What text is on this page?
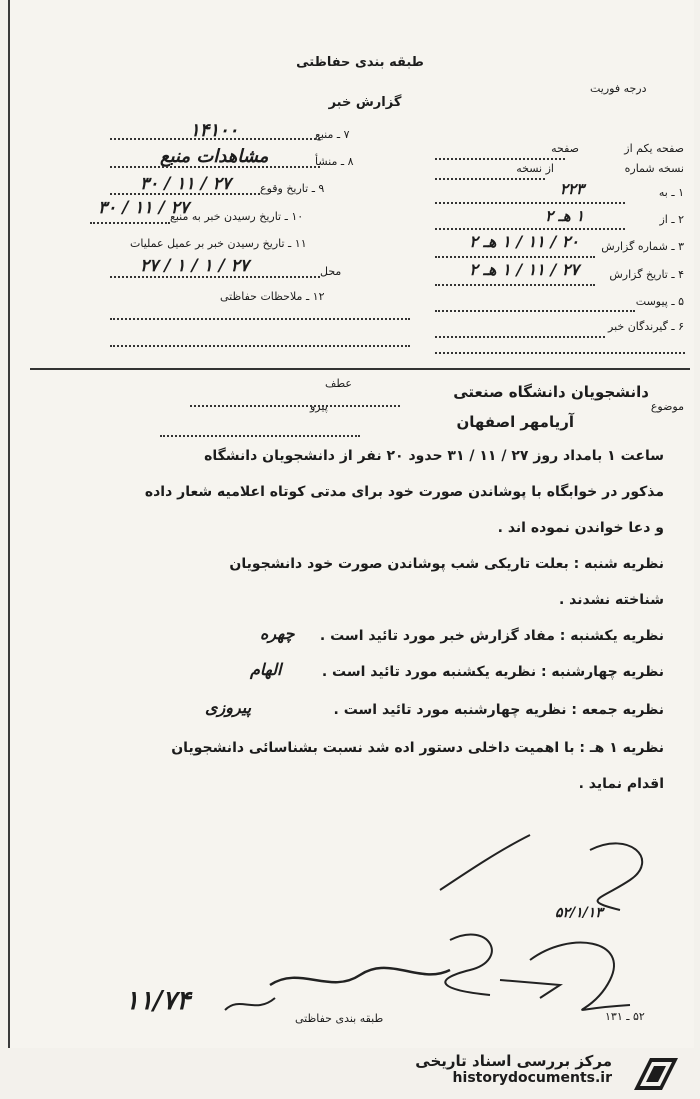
طبقه بندی حفاظتی
گزارش خبر
درجه فوریت
صفحه یکم از
صفحه
نسخه شماره
از نسخه
۱ ـ به
۲۲۳
۲ ـ از
۱ هـ ۲
۳ ـ شماره گزارش
۲۰ / ۱۱ / ۱ هـ ۲
۴ ـ تاریخ گزارش
۲۷ / ۱۱ / ۱ هـ ۲
۵ ـ پیوست
۶ ـ گیرندگان خبر
۷ ـ منبع
۱۴۱۰۰
۸ ـ منشأ
مشاهدات منبع
۹ ـ تاریخ وقوع
۳۰ / ۱۱ / ۲۷
۱۰ ـ تاریخ رسیدن خبر به منبع
۳۰ / ۱۱ / ۲۷
۱۱ ـ تاریخ رسیدن خبر بر عمیل عملیات
محل
۲۷ / ۱ / ۱ / ۲۷
۱۲ ـ ملاحظات حفاظتی
موضوع
دانشجویان دانشگاه صنعتی
آریامهر اصفهان
عطف
پیرو
ساعت ۱ بامداد روز ۲۷ / ۱۱ / ۳۱ حدود ۲۰ نفر از دانشجویان دانشگاه
مذکور در خوابگاه با پوشاندن صورت خود برای مدتی کوتاه اعلامیه شعار داده
و دعا خواندن نموده اند .
نظریه شنبه : بعلت تاریکی شب پوشاندن صورت خود دانشجویان
شناخته نشدند .
نظریه یکشنبه : مفاد گزارش خبر مورد تائید است .
نظریه چهارشنبه : نظریه یکشنبه مورد تائید است .
نظریه جمعه : نظریه چهارشنبه مورد تائید است .
نظریه ۱ هـ : با اهمیت داخلی دستور اده شد نسبت بشناسائی دانشجویان
اقدام نماید .
چهره
الهام
پیروزی
۱۱/۷۴
طبقه بندی حفاظتی
۵۲/۱/۱۳
۵۲ ـ ۱۳۱
مرکز بررسی اسناد تاریخی
historydocuments.ir
